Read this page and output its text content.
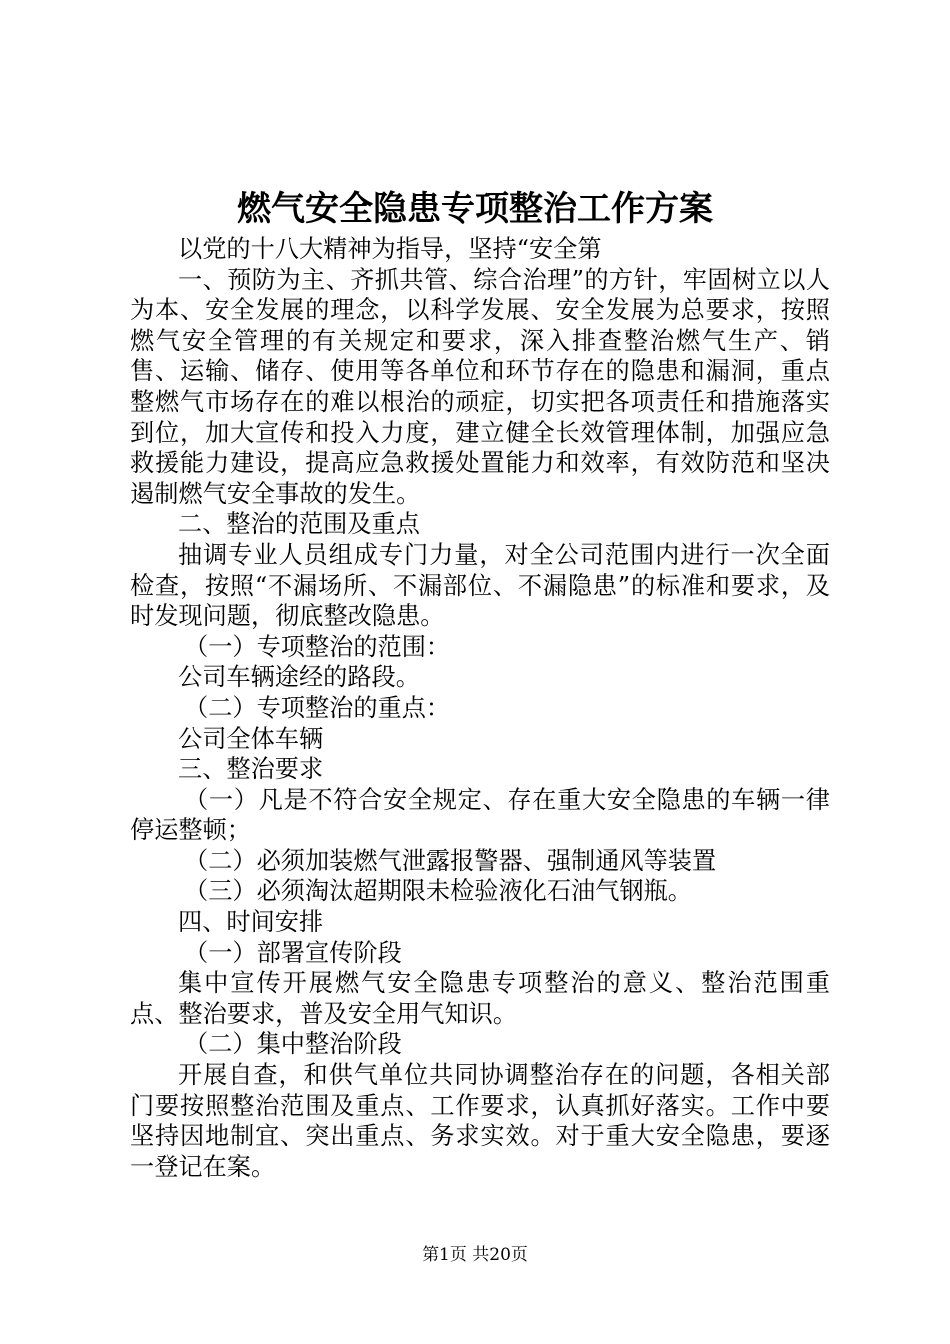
燃气安全隐患专项整治工作方案

以党的十八大精神为指导，坚持“安全第

一、预防为主、齐抓共管、综合治理”的方针，牢固树立以人为本、安全发展的理念，以科学发展、安全发展为总要求，按照燃气安全管理的有关规定和要求，深入排查整治燃气生产、销售、运输、储存、使用等各单位和环节存在的隐患和漏洞，重点整燃气市场存在的难以根治的顽症，切实把各项责任和措施落实到位，加大宣传和投入力度，建立健全长效管理体制，加强应急救援能力建设，提高应急救援处置能力和效率，有效防范和坚决遏制燃气安全事故的发生。

二、整治的范围及重点

抽调专业人员组成专门力量，对全公司范围内进行一次全面检查，按照“不漏场所、不漏部位、不漏隐患”的标准和要求，及时发现问题，彻底整改隐患。

（一）专项整治的范围：

公司车辆途经的路段。

（二）专项整治的重点：

公司全体车辆

三、整治要求

（一）凡是不符合安全规定、存在重大安全隐患的车辆一律停运整顿；

（二）必须加装燃气泄露报警器、强制通风等装置

（三）必须淘汰超期限未检验液化石油气钢瓶。

四、时间安排

（一）部署宣传阶段

集中宣传开展燃气安全隐患专项整治的意义、整治范围重点、整治要求，普及安全用气知识。

（二）集中整治阶段

开展自查，和供气单位共同协调整治存在的问题，各相关部门要按照整治范围及重点、工作要求，认真抓好落实。工作中要坚持因地制宜、突出重点、务求实效。对于重大安全隐患，要逐一登记在案。

第1页 共20页
